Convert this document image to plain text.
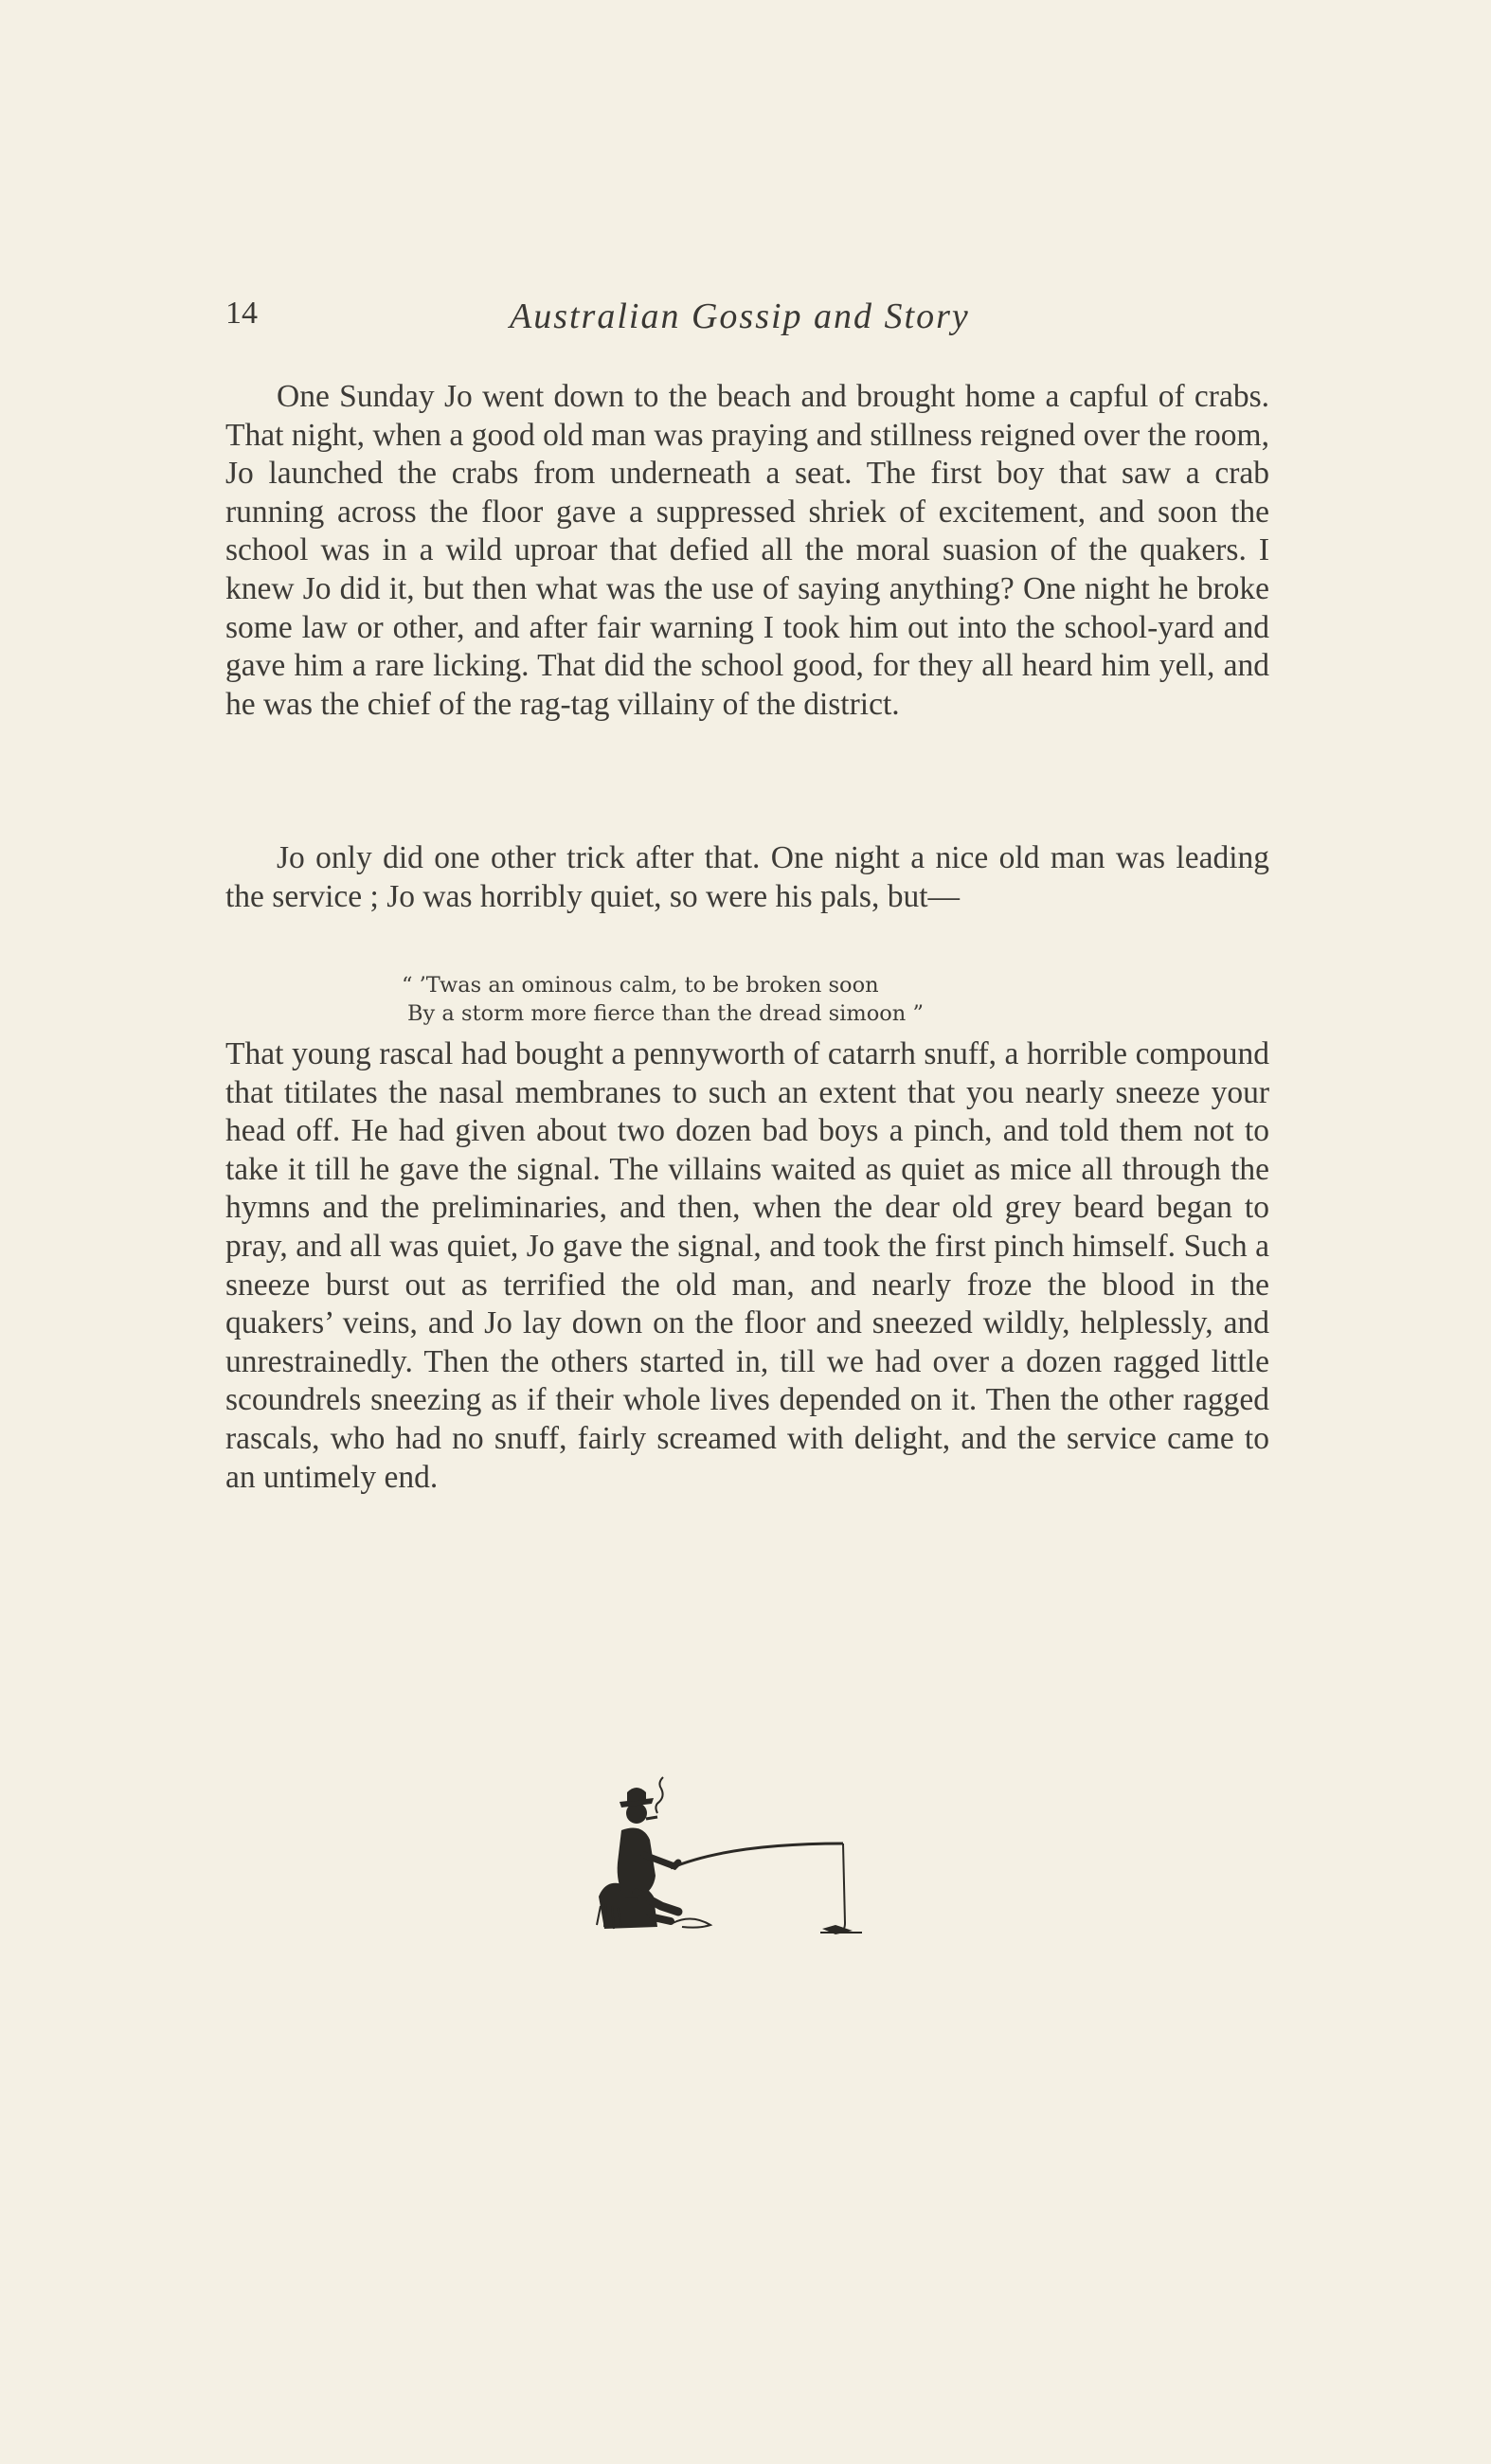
14	Australian Gossip and Story

One Sunday Jo went down to the beach and brought home a capful of crabs. That night, when a good old man was praying and stillness reigned over the room, Jo launched the crabs from underneath a seat. The first boy that saw a crab running across the floor gave a suppressed shriek of excitement, and soon the school was in a wild uproar that defied all the moral suasion of the quakers. I knew Jo did it, but then what was the use of saying anything? One night he broke some law or other, and after fair warning I took him out into the school-yard and gave him a rare licking. That did the school good, for they all heard him yell, and he was the chief of the rag-tag villainy of the district.

Jo only did one other trick after that. One night a nice old man was leading the service ; Jo was horribly quiet, so were his pals, but—

“ ’Twas an ominous calm, to be broken soon
By a storm more fierce than the dread simoon ”

That young rascal had bought a pennyworth of catarrh snuff, a horrible compound that titilates the nasal membranes to such an extent that you nearly sneeze your head off. He had given about two dozen bad boys a pinch, and told them not to take it till he gave the signal. The villains waited as quiet as mice all through the hymns and the preliminaries, and then, when the dear old grey beard began to pray, and all was quiet, Jo gave the signal, and took the first pinch himself. Such a sneeze burst out as terrified the old man, and nearly froze the blood in the quakers’ veins, and Jo lay down on the floor and sneezed wildly, helplessly, and unrestrainedly. Then the others started in, till we had over a dozen ragged little scoundrels sneezing as if their whole lives depended on it. Then the other ragged rascals, who had no snuff, fairly screamed with delight, and the service came to an untimely end.
